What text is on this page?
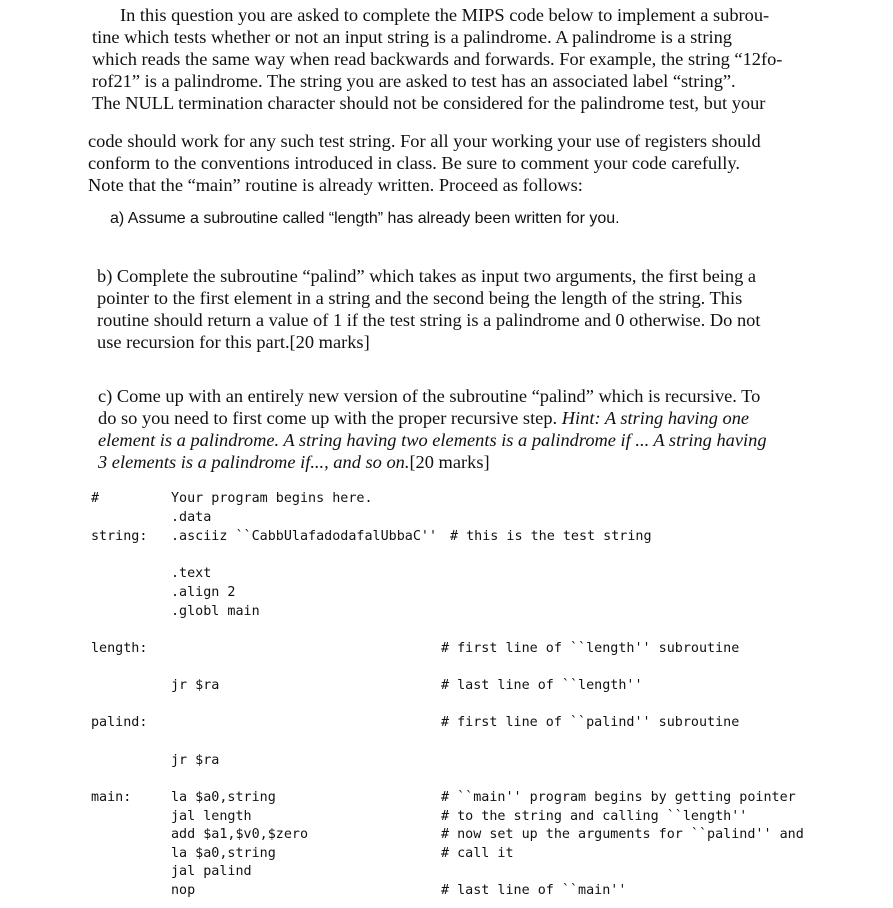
In this question you are asked to complete the MIPS code below to implement a subrou-
tine which tests whether or not an input string is a palindrome. A palindrome is a string
which reads the same way when read backwards and forwards. For example, the string “12fo-
rof21” is a palindrome. The string you are asked to test has an associated label “string”.
The NULL termination character should not be considered for the palindrome test, but your
code should work for any such test string. For all your working your use of registers should
conform to the conventions introduced in class. Be sure to comment your code carefully.
Note that the “main” routine is already written. Proceed as follows:
a) Assume a subroutine called “length” has already been written for you.
b) Complete the subroutine “palind” which takes as input two arguments, the first being a
pointer to the first element in a string and the second being the length of the string. This
routine should return a value of 1 if the test string is a palindrome and 0 otherwise. Do not
use recursion for this part.[20 marks]
c) Come up with an entirely new version of the subroutine “palind” which is recursive. To
do so you need to first come up with the proper recursive step. Hint: A string having one
element is a palindrome. A string having two elements is a palindrome if ... A string having
3 elements is a palindrome if..., and so on.[20 marks]
#
string:
length:
palind:
main:
Your program begins here.
.data
.asciiz ``CabbUlafadodafalUbbaC''
.text
.align 2
.globl main
jr $ra
jr $ra
la $a0,string
jal length
add $a1,$v0,$zero
la $a0,string
jal palind
nop
# this is the test string
# first line of ``length'' subroutine
# last line of ``length''
# first line of ``palind'' subroutine
# ``main'' program begins by getting pointer
# to the string and calling ``length''
# now set up the arguments for ``palind'' and
# call it
# last line of ``main''
